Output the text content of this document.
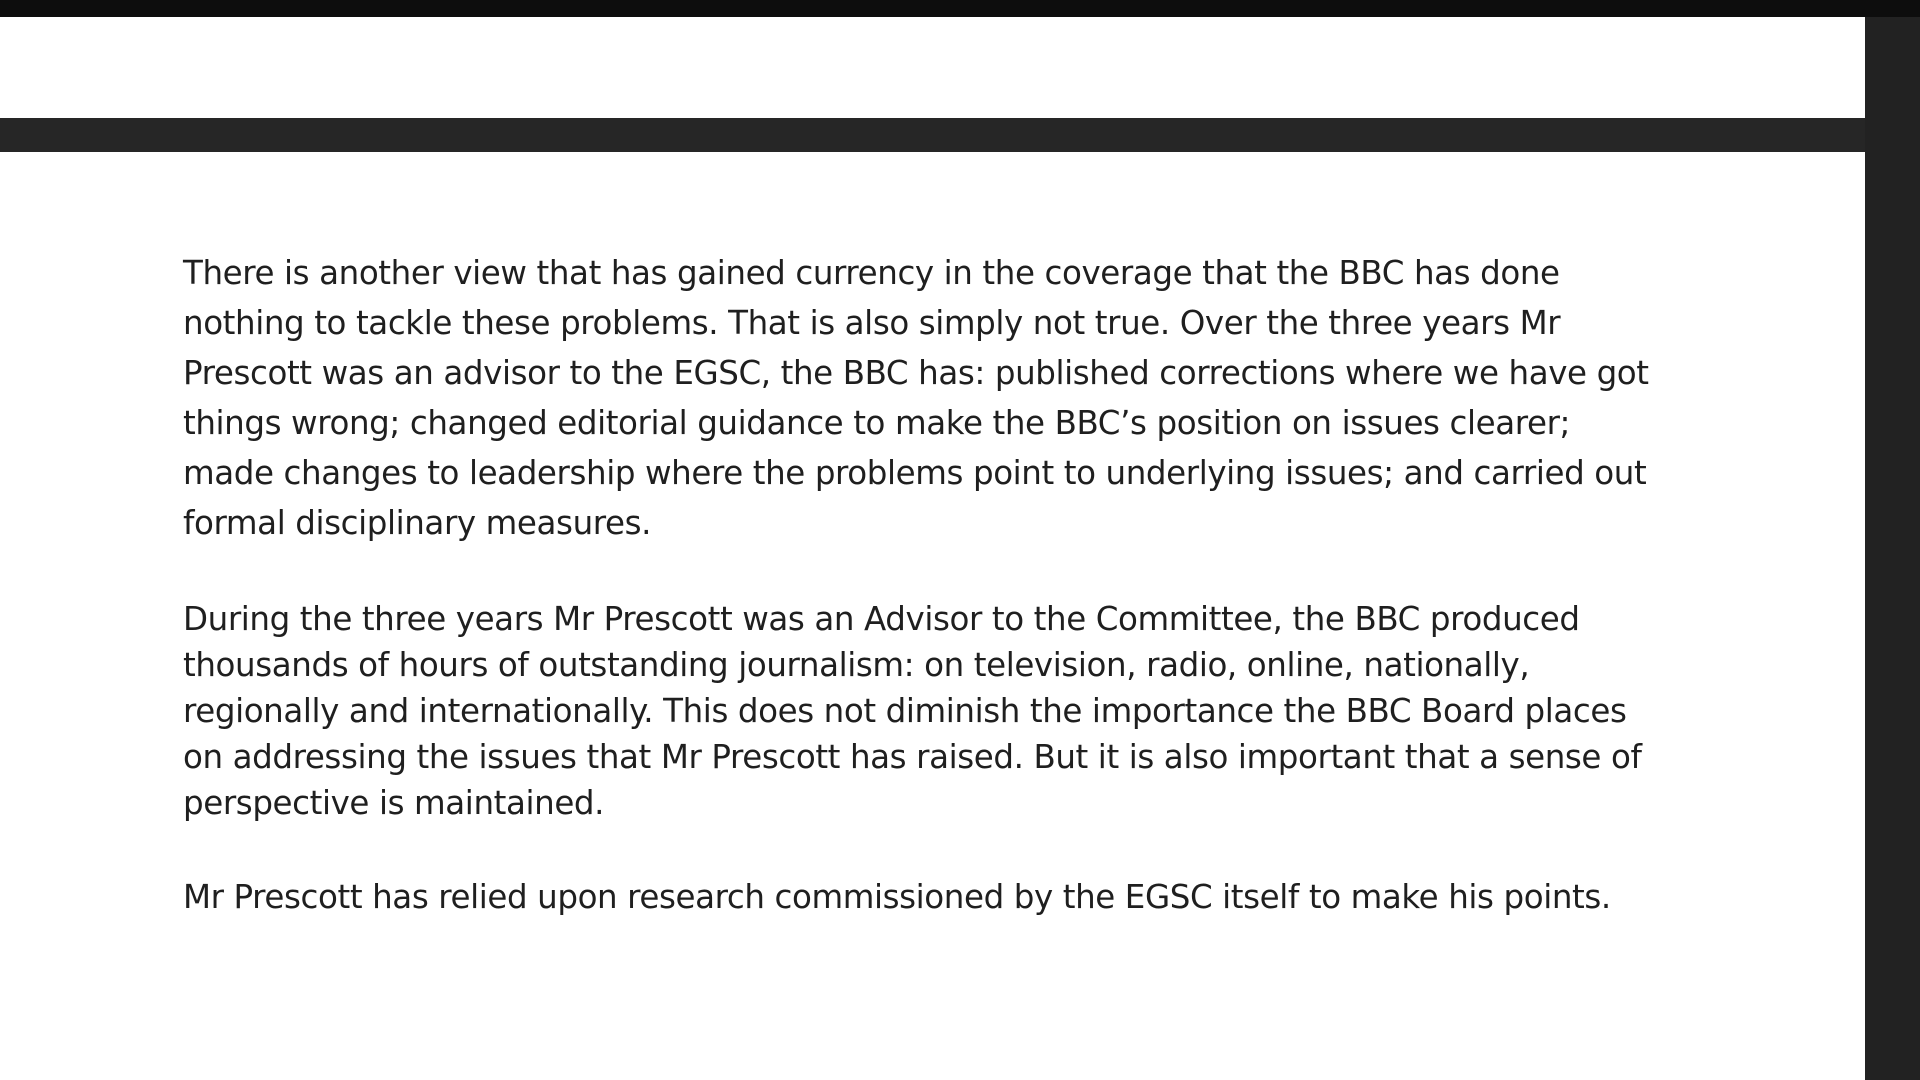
There is another view that has gained currency in the coverage that the BBC has done nothing to tackle these problems. That is also simply not true. Over the three years Mr Prescott was an advisor to the EGSC, the BBC has: published corrections where we have got things wrong; changed editorial guidance to make the BBC’s position on issues clearer; made changes to leadership where the problems point to underlying issues; and carried out formal disciplinary measures.

During the three years Mr Prescott was an Advisor to the Committee, the BBC produced thousands of hours of outstanding journalism: on television, radio, online, nationally, regionally and internationally. This does not diminish the importance the BBC Board places on addressing the issues that Mr Prescott has raised. But it is also important that a sense of perspective is maintained.

Mr Prescott has relied upon research commissioned by the EGSC itself to make his points.
